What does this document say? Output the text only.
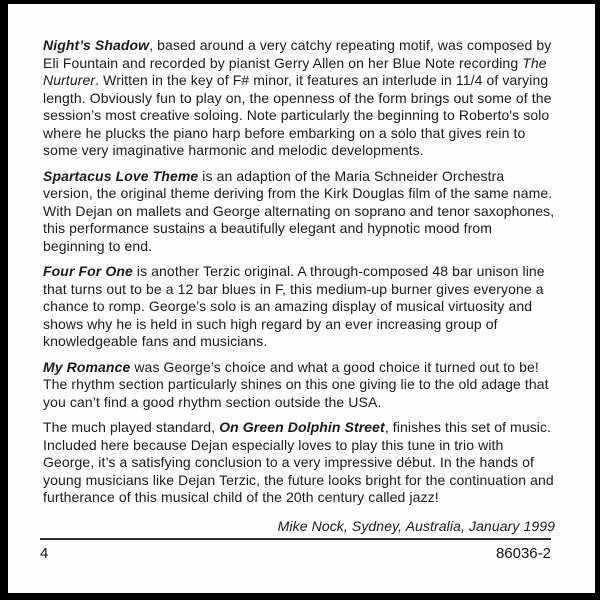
Night’s Shadow, based around a very catchy repeating motif, was composed by Eli Fountain and recorded by pianist Gerry Allen on her Blue Note recording The Nurturer. Written in the key of F# minor, it features an interlude in 11/4 of varying length. Obviously fun to play on, the openness of the form brings out some of the session’s most creative soloing. Note particularly the beginning to Roberto's solo where he plucks the piano harp before embarking on a solo that gives rein to some very imaginative harmonic and melodic developments.

Spartacus Love Theme is an adaption of the Maria Schneider Orchestra version, the original theme deriving from the Kirk Douglas film of the same name. With Dejan on mallets and George alternating on soprano and tenor saxophones, this performance sustains a beautifully elegant and hypnotic mood from beginning to end.

Four For One is another Terzic original. A through-composed 48 bar unison line that turns out to be a 12 bar blues in F, this medium-up burner gives everyone a chance to romp. George’s solo is an amazing display of musical virtuosity and shows why he is held in such high regard by an ever increasing group of knowledgeable fans and musicians.

My Romance was George’s choice and what a good choice it turned out to be! The rhythm section particularly shines on this one giving lie to the old adage that you can’t find a good rhythm section outside the USA.

The much played standard, On Green Dolphin Street, finishes this set of music. Included here because Dejan especially loves to play this tune in trio with George, it’s a satisfying conclusion to a very impressive début. In the hands of young musicians like Dejan Terzic, the future looks bright for the continuation and furtherance of this musical child of the 20th century called jazz!

Mike Nock, Sydney, Australia, January 1999
4	86036-2
